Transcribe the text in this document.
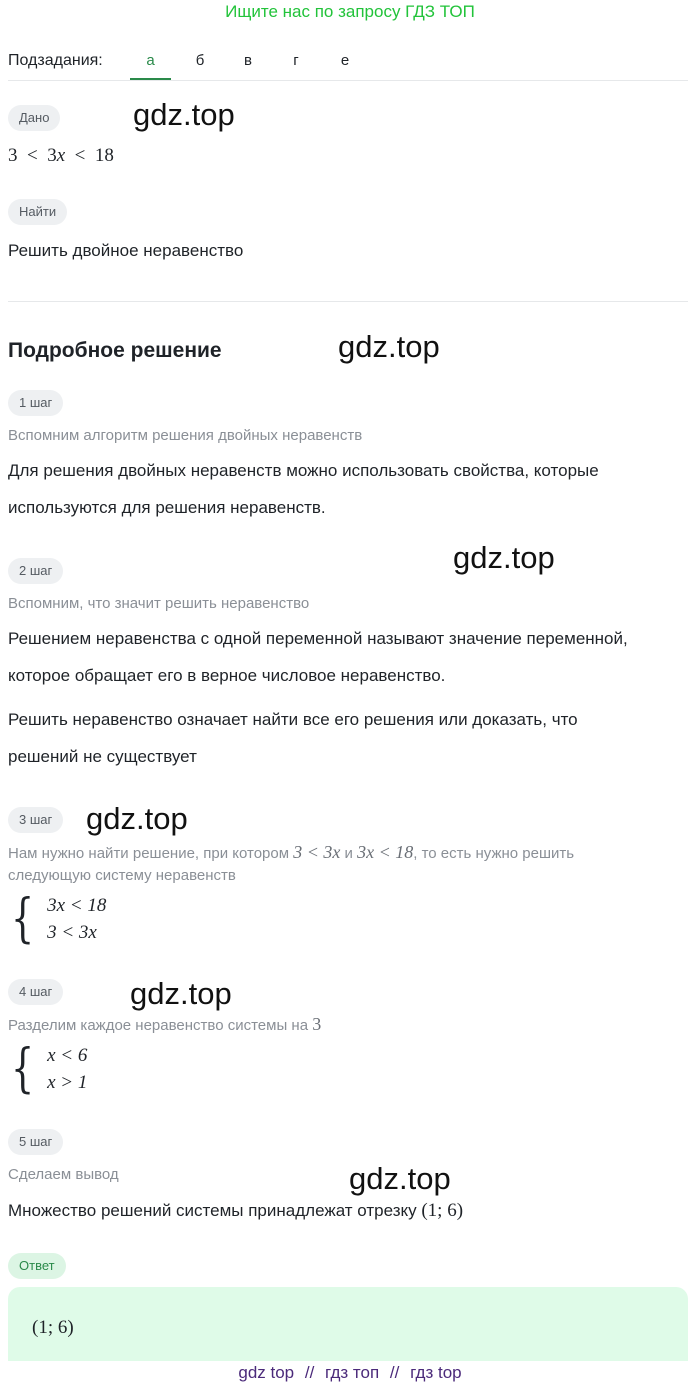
Ищите нас по запросу ГДЗ ТОП
Подзадания:	а	б	в	г	е
Дано	gdz.top
3 < 3x < 18
Найти
Решить двойное неравенство
Подробное решение	gdz.top
1 шаг
Вспомним алгоритм решения двойных неравенств
Для решения двойных неравенств можно использовать свойства, которые
используются для решения неравенств.
2 шаг	gdz.top
Вспомним, что значит решить неравенство
Решением неравенства с одной переменной называют значение переменной,
которое обращает его в верное числовое неравенство.
Решить неравенство означает найти все его решения или доказать, что
решений не существует
3 шаг	gdz.top
Нам нужно найти решение, при котором 3 < 3x и 3x < 18, то есть нужно решить
следующую систему неравенств
{ 3x < 18
3 < 3x
4 шаг	gdz.top
Разделим каждое неравенство системы на 3
{ x < 6
x > 1
5 шаг
Сделаем вывод	gdz.top
Множество решений системы принадлежат отрезку (1; 6)
Ответ
(1; 6)
gdz top // гдз топ // гдз top
